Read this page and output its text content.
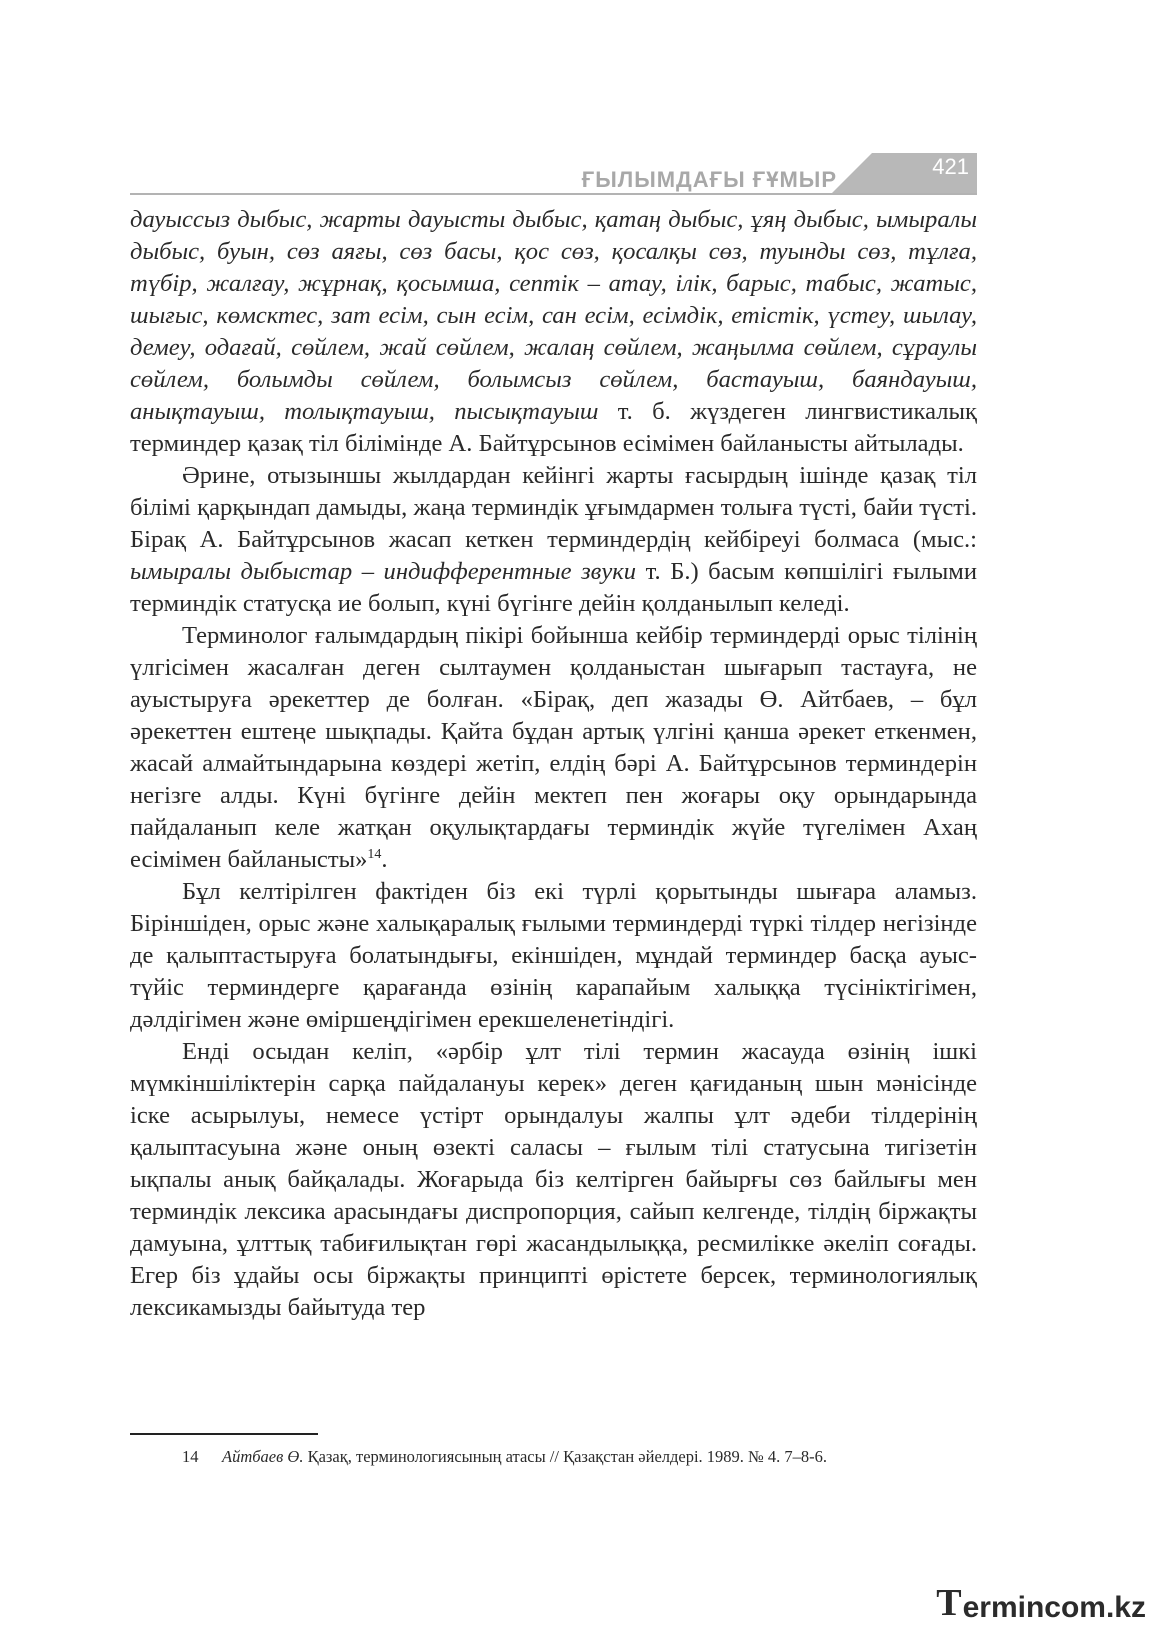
ҒЫЛЫМДАҒЫ ҒҰМЫР
421

дауыссыз дыбыс, жарты дауысты дыбыс, қатаң дыбыс, ұяң дыбыс, ымыралы дыбыс, буын, сөз аяғы, сөз басы, қос сөз, қосалқы сөз, туынды сөз, тұлға, түбір, жалғау, жұрнақ, қосымша, септік – атау, ілік, барыс, табыс, жатыс, шығыс, көмсктес, зат есім, сын есім, сан есім, есімдік, етістік, үстеу, шылау, демеу, одағай, сөйлем, жай сөйлем, жалаң сөйлем, жаңылма сөйлем, сұраулы сөйлем, болымды сөйлем, болымсыз сөйлем, бастауыш, баяндауыш, анықтауыш, толықтауыш, пысықтауыш т. б. жүздеген лингвистикалық терминдер қазақ тіл білімінде А. Байтұрсынов есімімен байланысты айтылады.

Әрине, отызыншы жылдардан кейінгі жарты ғасырдың ішінде қазақ тіл білімі қарқындап дамыды, жаңа терминдік ұғымдармен толыға түсті, байи түсті. Бірақ А. Байтұрсынов жасап кеткен терминдердің кейбіреуі болмаса (мыс.: ымыралы дыбыстар – индифферентные звуки т. Б.) басым көпшілігі ғылыми терминдік статусқа ие болып, күні бүгінге дейін қолданылып келеді.

Терминолог ғалымдардың пікірі бойынша кейбір терминдерді орыс тілінің үлгісімен жасалған деген сылтаумен қолданыстан шығарып тастауға, не ауыстыруға әрекеттер де болған. «Бірақ, деп жазады Ө. Айтбаев, – бұл әрекеттен ештеңе шықпады. Қайта бұдан артық үлгіні қанша әрекет еткенмен, жасай алмайтындарына көздері жетіп, елдің бәрі А. Байтұрсынов терминдерін негізге алды. Күні бүгінге дейін мектеп пен жоғары оқу орындарында пайдаланып келе жатқан оқулықтардағы терминдік жүйе түгелімен Ахаң есімімен байланысты»$^{14}$.

Бұл келтірілген фактіден біз екі түрлі қорытынды шығара аламыз. Біріншіден, орыс және халықаралық ғылыми терминдерді түркі тілдер негізінде де қалыптастыруға болатындығы, екіншіден, мұндай терминдер басқа ауыс-түйіс терминдерге қарағанда өзінің карапайым халыққа түсініктігімен, дәлдігімен және өміршеңдігімен ерекшеленетіндігі.

Енді осыдан келіп, «әрбір ұлт тілі термин жасауда өзінің ішкі мүмкіншіліктерін сарқа пайдалануы керек» деген қағиданың шын мәнісінде іске асырылуы, немесе үстірт орындалуы жалпы ұлт әдеби тілдерінің қалыптасуына және оның өзекті саласы – ғылым тілі статусына тигізетін ықпалы анық байқалады. Жоғарыда біз келтірген байырғы сөз байлығы мен терминдік лексика арасындағы диспропорция, сайып келгенде, тілдің біржақты дамуына, ұлттық табиғилықтан гөрі жасандылыққа, ресмиліккe әкеліп соғады. Егер біз ұдайы осы біржақты принципті өрістете берсек, терминологиялық лексикамызды байытуда тер

14 Айтбаев Ө. Қазақ, терминологиясының атасы // Қазақстан әйелдері. 1989. № 4. 7–8-6.
T ermincom.kz
